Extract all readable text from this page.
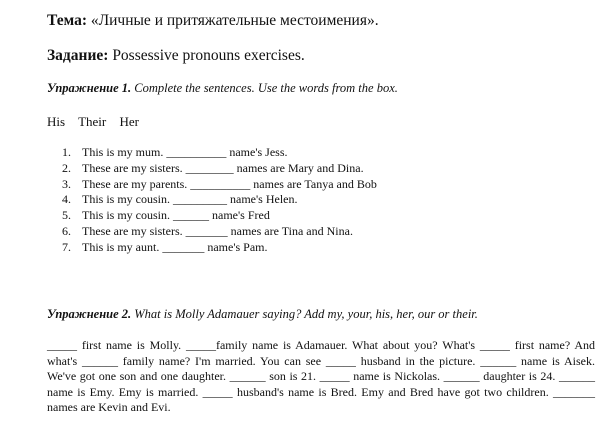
Тема: «Личные и притяжательные местоимения».
Задание: Possessive pronouns exercises.
Упражнение 1. Complete the sentences. Use the words from the box.
His Their Her
1. This is my mum. __________ name's Jess.
2. These are my sisters. ________ names are Mary and Dina.
3. These are my parents. __________ names are Tanya and Bob
4. This is my cousin. _________ name's Helen.
5. This is my cousin. ______ name's Fred
6. These are my sisters. _______ names are Tina and Nina.
7. This is my aunt. _______ name's Pam.
Упражнение 2. What is Molly Adamauer saying? Add my, your, his, her, our or their.
_____ first name is Molly. _____family name is Adamauer. What about you? What's _____ first name? And what's ______ family name? I'm married. You can see _____ husband in the picture. ______ name is Aisek. We've got one son and one daughter. ______ son is 21. _____ name is Nickolas. ______ daughter is 24. ______ name is Emy. Emy is married. _____ husband's name is Bred. Emy and Bred have got two children. _______ names are Kevin and Evi.
